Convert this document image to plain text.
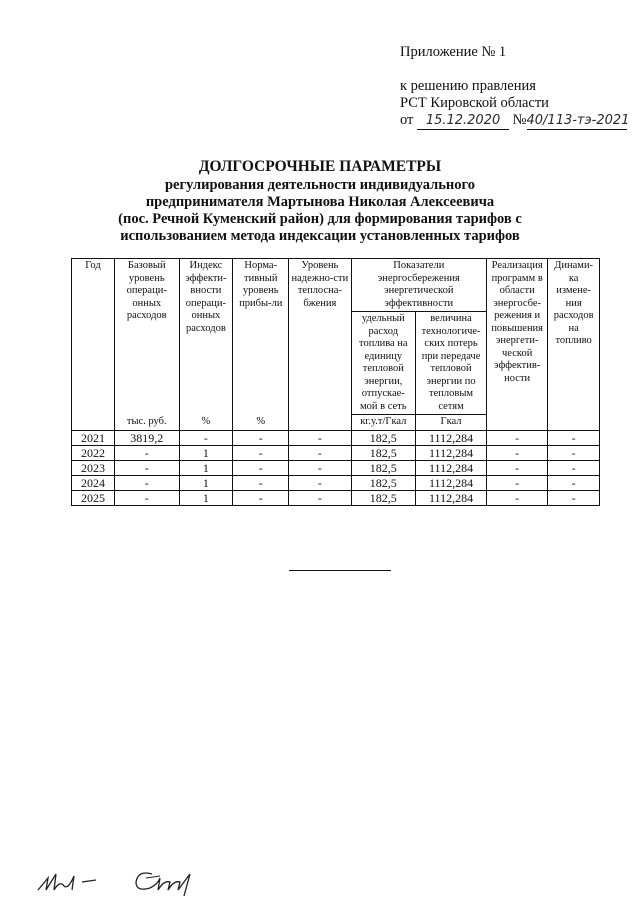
Приложение № 1
к решению правления
РСТ Кировской области
от 15.12.2020 №40/113-тэ-2021
ДОЛГОСРОЧНЫЕ ПАРАМЕТРЫ
регулирования деятельности индивидуального
предпринимателя Мартынова Николая Алексеевича
(пос. Речной Куменский район) для формирования тарифов с
использованием метода индексации установленных тарифов
Год	Базовый уровень операци-онных расходов	Индекс эффекти-вности операци-онных расходов	Норма-тивный уровень прибы-ли	Уровень надежно-сти теплосна-бжения	Показатели энергосбережения энергетической эффективности		Реализация программ в области энергосбе-режения и повышения энергети-ческой эффектив-ности	Динами-ка измене-ния расходов на топливо
					удельный расход топлива на единицу тепловой энергии, отпускае-мой в сеть	величина технологиче-ских потерь при передаче тепловой энергии по тепловым сетям		
	тыс. руб.	%	%		кг.у.т/Гкал	Гкал		
2021	3819,2	-	-	-	182,5	1112,284	-	-
2022	-	1	-	-	182,5	1112,284	-	-
2023	-	1	-	-	182,5	1112,284	-	-
2024	-	1	-	-	182,5	1112,284	-	-
2025	-	1	-	-	182,5	1112,284	-	-
